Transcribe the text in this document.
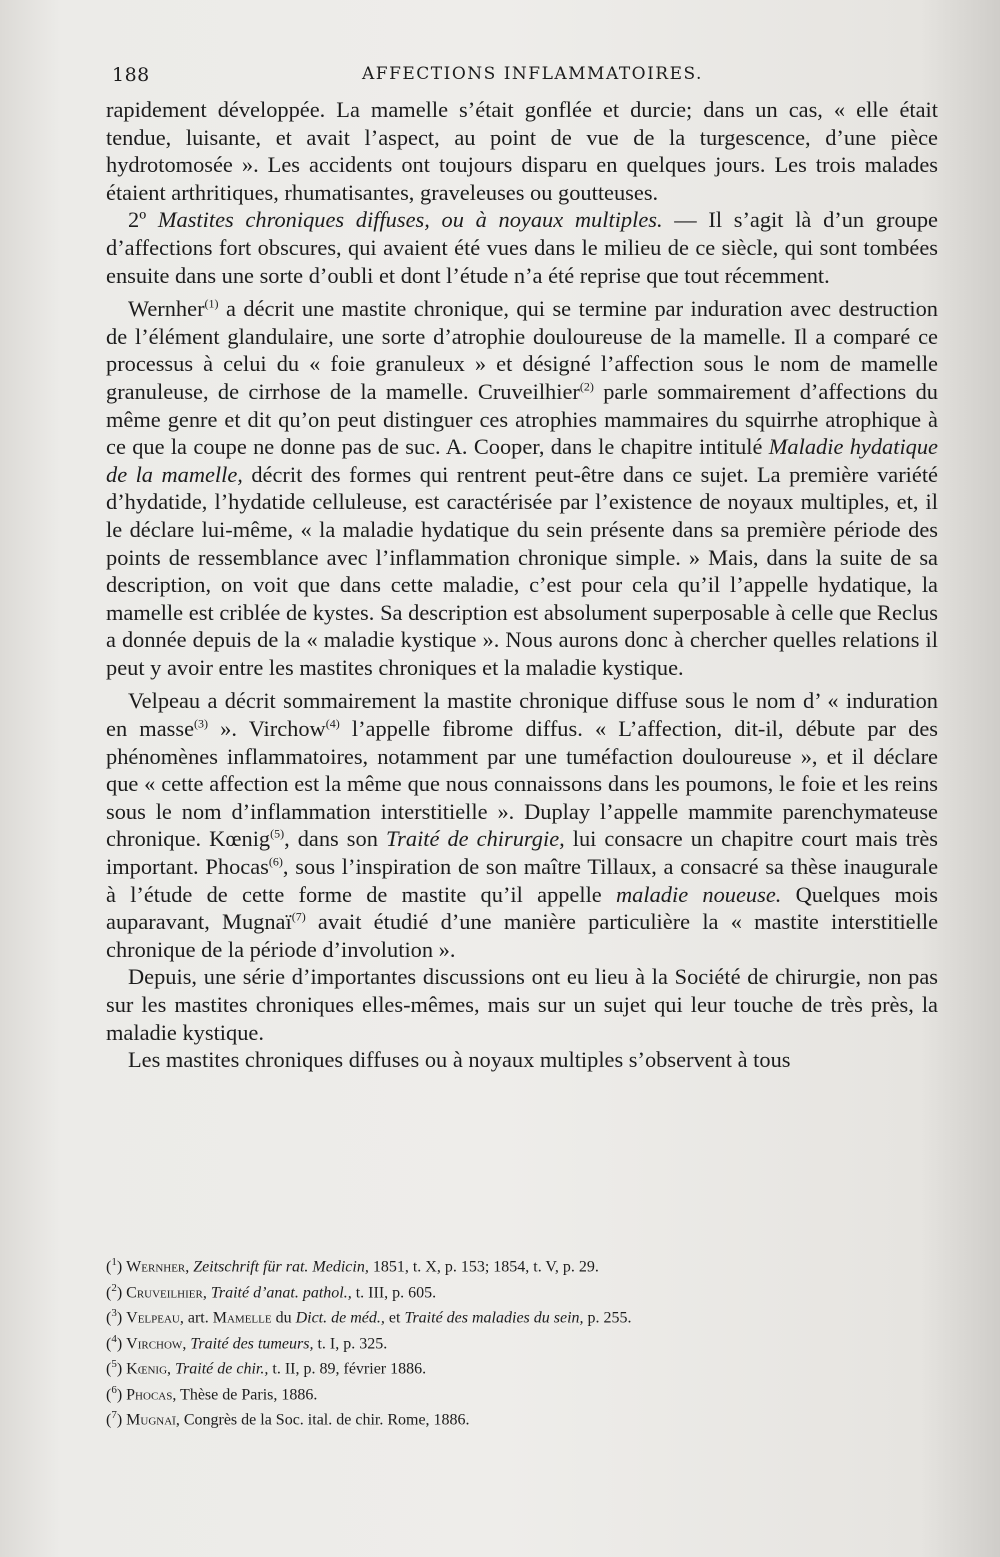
188	AFFECTIONS INFLAMMATOIRES.

rapidement développée. La mamelle s’était gonflée et durcie; dans un cas, « elle était tendue, luisante, et avait l’aspect, au point de vue de la turgescence, d’une pièce hydrotomosée ». Les accidents ont toujours disparu en quelques jours. Les trois malades étaient arthritiques, rhumatisantes, graveleuses ou goutteuses.

2º Mastites chroniques diffuses, ou à noyaux multiples. — Il s’agit là d’un groupe d’affections fort obscures, qui avaient été vues dans le milieu de ce siècle, qui sont tombées ensuite dans une sorte d’oubli et dont l’étude n’a été reprise que tout récemment.

Wernher$^{(1)}$ a décrit une mastite chronique, qui se termine par induration avec destruction de l’élément glandulaire, une sorte d’atrophie douloureuse de la mamelle. Il a comparé ce processus à celui du « foie granuleux » et désigné l’affection sous le nom de mamelle granuleuse, de cirrhose de la mamelle. Cruveilhier$^{(2)}$ parle sommairement d’affections du même genre et dit qu’on peut distinguer ces atrophies mammaires du squirrhe atrophique à ce que la coupe ne donne pas de suc. A. Cooper, dans le chapitre intitulé Maladie hydatique de la mamelle, décrit des formes qui rentrent peut-être dans ce sujet. La première variété d’hydatide, l’hydatide celluleuse, est caractérisée par l’existence de noyaux multiples, et, il le déclare lui-même, « la maladie hydatique du sein présente dans sa première période des points de ressemblance avec l’inflammation chronique simple. » Mais, dans la suite de sa description, on voit que dans cette maladie, c’est pour cela qu’il l’appelle hydatique, la mamelle est criblée de kystes. Sa description est absolument superposable à celle que Reclus a donnée depuis de la « maladie kystique ». Nous aurons donc à chercher quelles relations il peut y avoir entre les mastites chroniques et la maladie kystique.

Velpeau a décrit sommairement la mastite chronique diffuse sous le nom d’ « induration en masse$^{(3)}$ ». Virchow$^{(4)}$ l’appelle fibrome diffus. « L’affection, dit-il, débute par des phénomènes inflammatoires, notamment par une tuméfaction douloureuse », et il déclare que « cette affection est la même que nous connaissons dans les poumons, le foie et les reins sous le nom d’inflammation interstitielle ». Duplay l’appelle mammite parenchymateuse chronique. Kœnig$^{(5)}$, dans son Traité de chirurgie, lui consacre un chapitre court mais très important. Phocas$^{(6)}$, sous l’inspiration de son maître Tillaux, a consacré sa thèse inaugurale à l’étude de cette forme de mastite qu’il appelle maladie noueuse. Quelques mois auparavant, Mugnaï$^{(7)}$ avait étudié d’une manière particulière la « mastite interstitielle chronique de la période d’involution ».

Depuis, une série d’importantes discussions ont eu lieu à la Société de chirurgie, non pas sur les mastites chroniques elles-mêmes, mais sur un sujet qui leur touche de très près, la maladie kystique.

Les mastites chroniques diffuses ou à noyaux multiples s’observent à tous

($^1$) Wernher, Zeitschrift für rat. Medicin, 1851, t. X, p. 153; 1854, t. V, p. 29.
($^2$) Cruveilhier, Traité d’anat. pathol., t. III, p. 605.
($^3$) Velpeau, art. Mamelle du Dict. de méd., et Traité des maladies du sein, p. 255.
($^4$) Virchow, Traité des tumeurs, t. I, p. 325.
($^5$) Kœnig, Traité de chir., t. II, p. 89, février 1886.
($^6$) Phocas, Thèse de Paris, 1886.
($^7$) Mugnaï, Congrès de la Soc. ital. de chir. Rome, 1886.
